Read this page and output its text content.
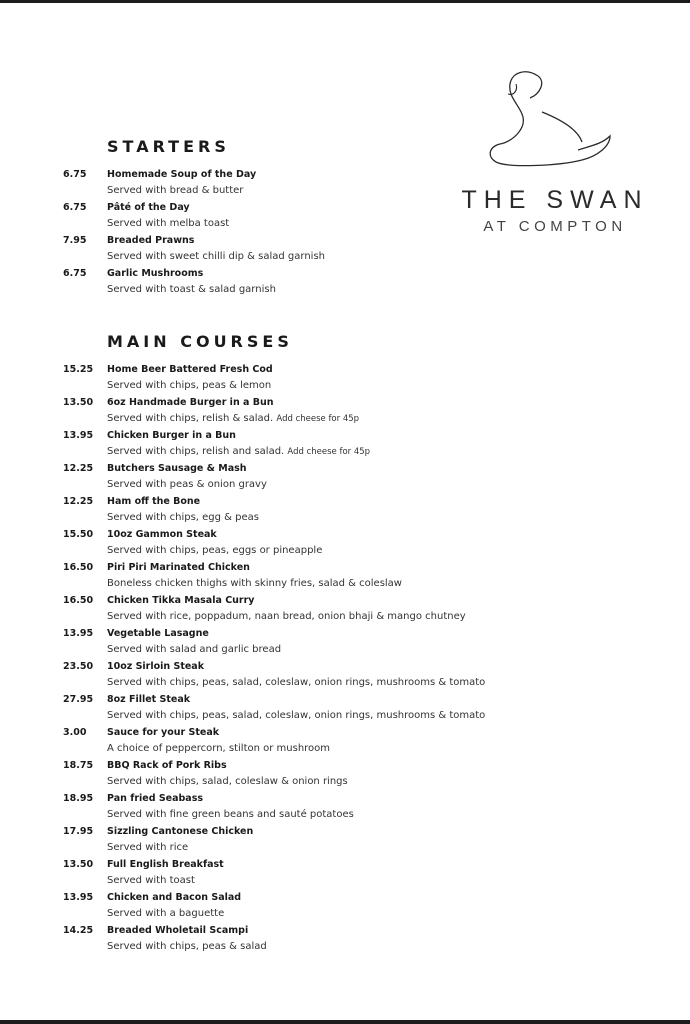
THE SWAN
AT COMPTON
STARTERS
6.75 Homemade Soup of the Day
Served with bread & butter
6.75 Pâté of the Day
Served with melba toast
7.95 Breaded Prawns
Served with sweet chilli dip & salad garnish
6.75 Garlic Mushrooms
Served with toast & salad garnish
MAIN COURSES
15.25 Home Beer Battered Fresh Cod
Served with chips, peas & lemon
13.50 6oz Handmade Burger in a Bun
Served with chips, relish & salad. Add cheese for 45p
13.95 Chicken Burger in a Bun
Served with chips, relish and salad. Add cheese for 45p
12.25 Butchers Sausage & Mash
Served with peas & onion gravy
12.25 Ham off the Bone
Served with chips, egg & peas
15.50 10oz Gammon Steak
Served with chips, peas, eggs or pineapple
16.50 Piri Piri Marinated Chicken
Boneless chicken thighs with skinny fries, salad & coleslaw
16.50 Chicken Tikka Masala Curry
Served with rice, poppadum, naan bread, onion bhaji & mango chutney
13.95 Vegetable Lasagne
Served with salad and garlic bread
23.50 10oz Sirloin Steak
Served with chips, peas, salad, coleslaw, onion rings, mushrooms & tomato
27.95 8oz Fillet Steak
Served with chips, peas, salad, coleslaw, onion rings, mushrooms & tomato
3.00 Sauce for your Steak
A choice of peppercorn, stilton or mushroom
18.75 BBQ Rack of Pork Ribs
Served with chips, salad, coleslaw & onion rings
18.95 Pan fried Seabass
Served with fine green beans and sauté potatoes
17.95 Sizzling Cantonese Chicken
Served with rice
13.50 Full English Breakfast
Served with toast
13.95 Chicken and Bacon Salad
Served with a baguette
14.25 Breaded Wholetail Scampi
Served with chips, peas & salad
